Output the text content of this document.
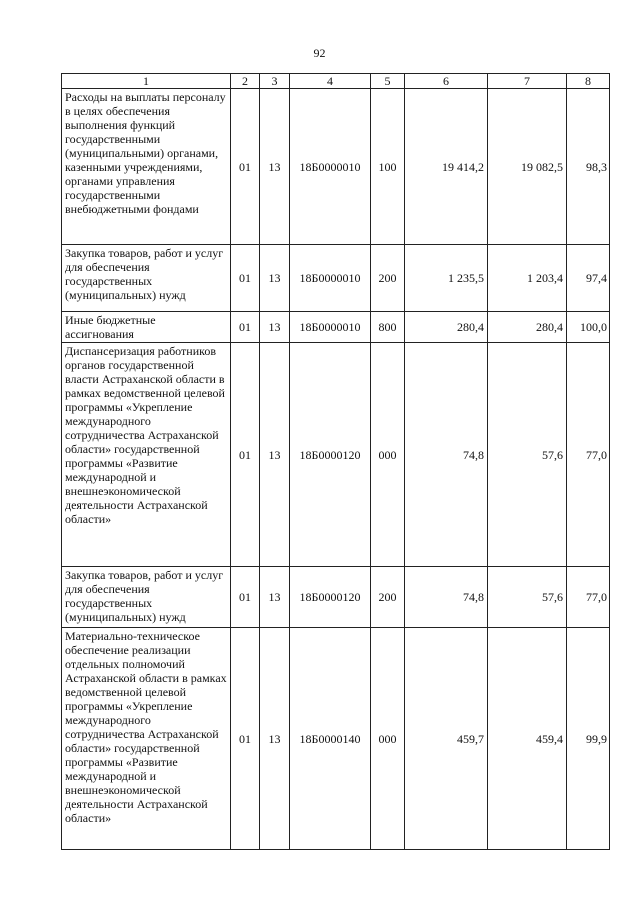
92
1	2	3	4	5	6	7	8
Расходы на выплаты персоналу в целях обеспечения выполнения функций государственными (муниципальными) органами, казенными учреждениями, органами управления государственными внебюджетными фондами	01	13	18Б0000010	100	19 414,2	19 082,5	98,3
Закупка товаров, работ и услуг для обеспечения государственных (муниципальных) нужд	01	13	18Б0000010	200	1 235,5	1 203,4	97,4
Иные бюджетные ассигнования	01	13	18Б0000010	800	280,4	280,4	100,0
Диспансеризация работников органов государственной власти Астраханской области в рамках ведомственной целевой программы «Укрепление международного сотрудничества Астраханской области» государственной программы «Развитие международной и внешнеэкономической деятельности Астраханской области»	01	13	18Б0000120	000	74,8	57,6	77,0
Закупка товаров, работ и услуг для обеспечения государственных (муниципальных) нужд	01	13	18Б0000120	200	74,8	57,6	77,0
Материально-техническое обеспечение реализации отдельных полномочий Астраханской области в рамках ведомственной целевой программы «Укрепление международного сотрудничества Астраханской области» государственной программы «Развитие международной и внешнеэкономической деятельности Астраханской области»	01	13	18Б0000140	000	459,7	459,4	99,9
